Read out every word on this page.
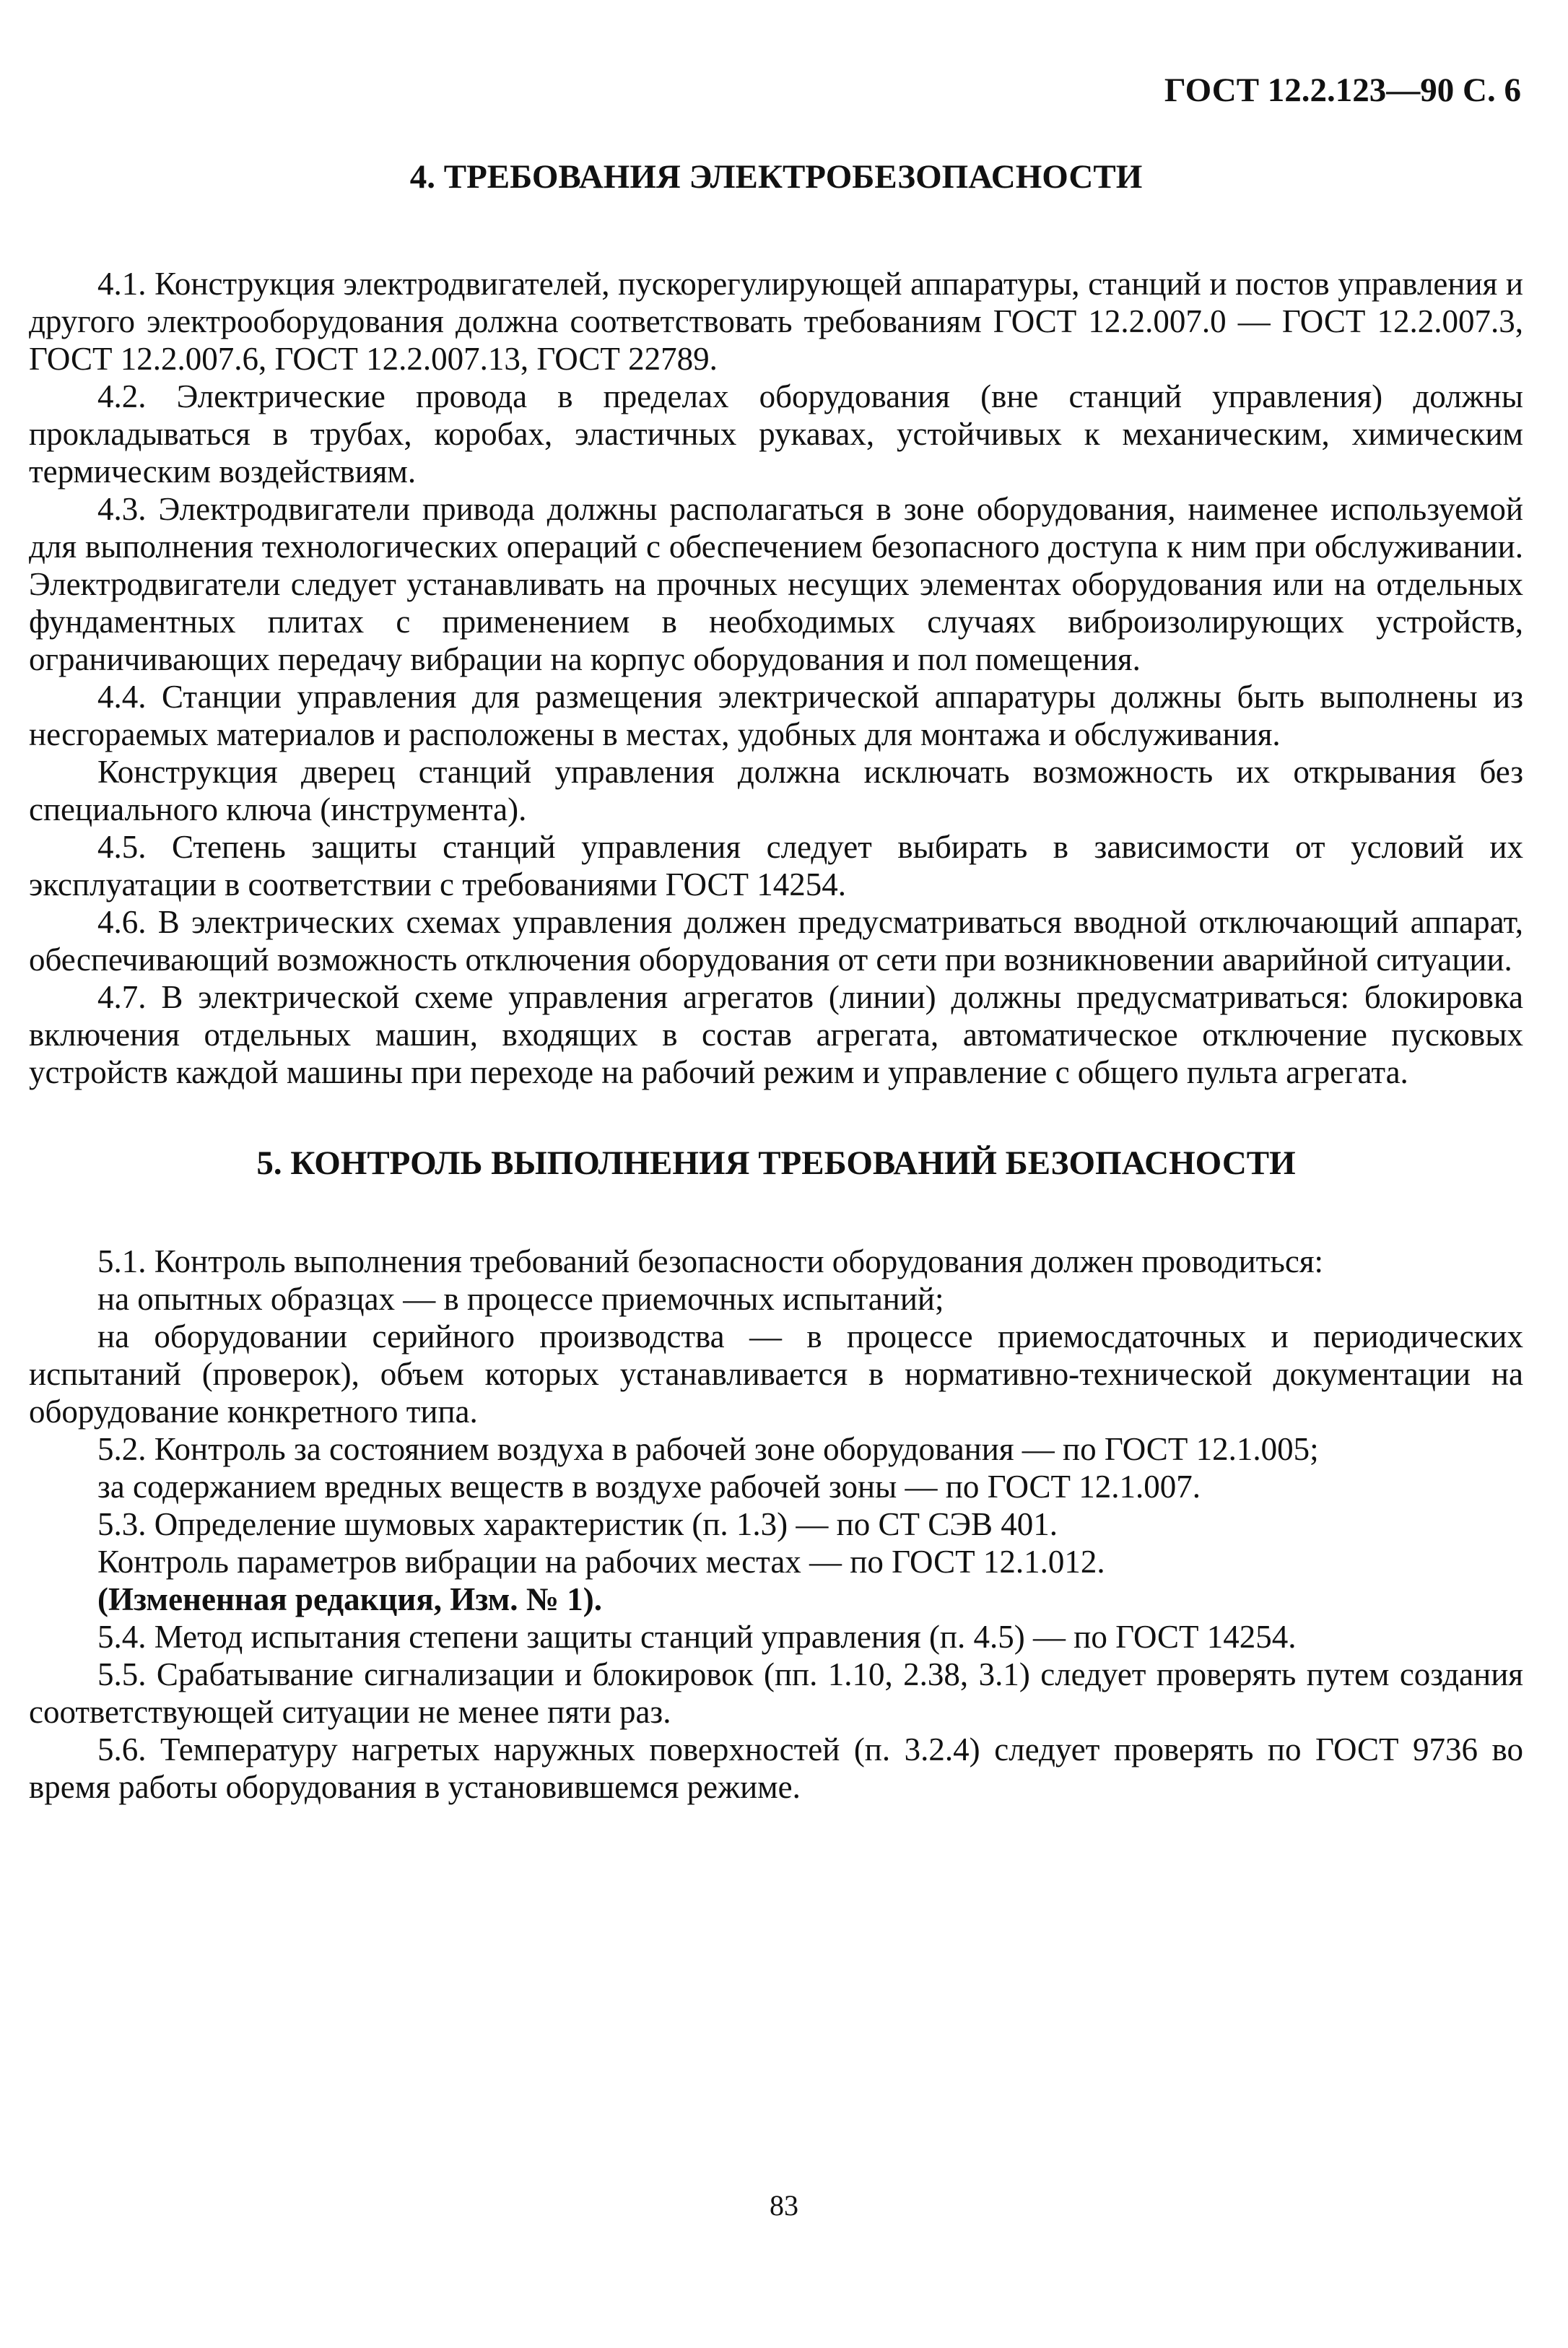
ГОСТ 12.2.123—90 С. 6

4. ТРЕБОВАНИЯ ЭЛЕКТРОБЕЗОПАСНОСТИ

4.1. Конструкция электродвигателей, пускорегулирующей аппаратуры, станций и постов управления и другого электрооборудования должна соответствовать требованиям ГОСТ 12.2.007.0 — ГОСТ 12.2.007.3, ГОСТ 12.2.007.6, ГОСТ 12.2.007.13, ГОСТ 22789.

4.2. Электрические провода в пределах оборудования (вне станций управления) должны прокладываться в трубах, коробах, эластичных рукавах, устойчивых к механическим, химическим термическим воздействиям.

4.3. Электродвигатели привода должны располагаться в зоне оборудования, наименее используемой для выполнения технологических операций с обеспечением безопасного доступа к ним при обслуживании. Электродвигатели следует устанавливать на прочных несущих элементах оборудования или на отдельных фундаментных плитах с применением в необходимых случаях виброизолирующих устройств, ограничивающих передачу вибрации на корпус оборудования и пол помещения.

4.4. Станции управления для размещения электрической аппаратуры должны быть выполнены из несгораемых материалов и расположены в местах, удобных для монтажа и обслуживания.

Конструкция дверец станций управления должна исключать возможность их открывания без специального ключа (инструмента).

4.5. Степень защиты станций управления следует выбирать в зависимости от условий их эксплуатации в соответствии с требованиями ГОСТ 14254.

4.6. В электрических схемах управления должен предусматриваться вводной отключающий аппарат, обеспечивающий возможность отключения оборудования от сети при возникновении аварийной ситуации.

4.7. В электрической схеме управления агрегатов (линии) должны предусматриваться: блокировка включения отдельных машин, входящих в состав агрегата, автоматическое отключение пусковых устройств каждой машины при переходе на рабочий режим и управление с общего пульта агрегата.

5. КОНТРОЛЬ ВЫПОЛНЕНИЯ ТРЕБОВАНИЙ БЕЗОПАСНОСТИ

5.1. Контроль выполнения требований безопасности оборудования должен проводиться:

на опытных образцах — в процессе приемочных испытаний;

на оборудовании серийного производства — в процессе приемосдаточных и периодических испытаний (проверок), объем которых устанавливается в нормативно-технической документации на оборудование конкретного типа.

5.2. Контроль за состоянием воздуха в рабочей зоне оборудования — по ГОСТ 12.1.005;

за содержанием вредных веществ в воздухе рабочей зоны — по ГОСТ 12.1.007.

5.3. Определение шумовых характеристик (п. 1.3) — по СТ СЭВ 401.

Контроль параметров вибрации на рабочих местах — по ГОСТ 12.1.012.

(Измененная редакция, Изм. № 1).

5.4. Метод испытания степени защиты станций управления (п. 4.5) — по ГОСТ 14254.

5.5. Срабатывание сигнализации и блокировок (пп. 1.10, 2.38, 3.1) следует проверять путем создания соответствующей ситуации не менее пяти раз.

5.6. Температуру нагретых наружных поверхностей (п. 3.2.4) следует проверять по ГОСТ 9736 во время работы оборудования в установившемся режиме.

83
